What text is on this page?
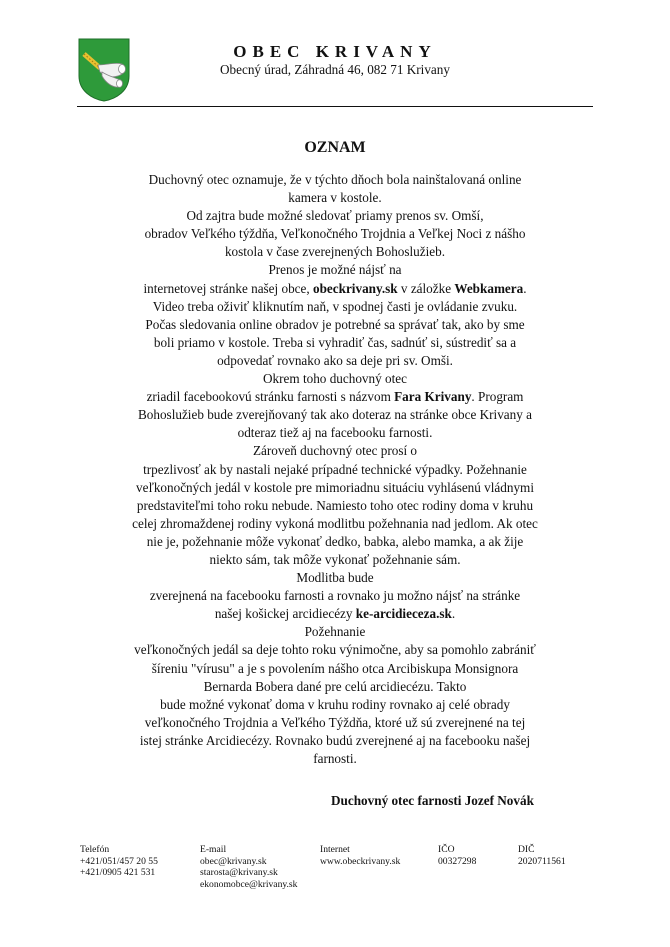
OBEC KRIVANY
Obecný úrad, Záhradná 46, 082 71 Krivany
OZNAM
Duchovný otec oznamuje, že v týchto dňoch bola nainštalovaná online
kamera v kostole.
Od zajtra bude možné sledovať priamy prenos sv. Omší,
obradov Veľkého týždňa, Veľkonočného Trojdnia a Veľkej Noci z nášho
kostola v čase zverejnených Bohoslužieb.
Prenos je možné nájsť na
internetovej stránke našej obce, obeckrivany.sk v záložke Webkamera.
Video treba oživiť kliknutím naň, v spodnej časti je ovládanie zvuku.
Počas sledovania online obradov je potrebné sa správať tak, ako by sme
boli priamo v kostole. Treba si vyhradiť čas, sadnúť si, sústrediť sa a
odpovedať rovnako ako sa deje pri sv. Omši.
Okrem toho duchovný otec
zriadil facebookovú stránku farnosti s názvom Fara Krivany. Program
Bohoslužieb bude zverejňovaný tak ako doteraz na stránke obce Krivany a
odteraz tiež aj na facebooku farnosti.
Zároveň duchovný otec prosí o
trpezlivosť ak by nastali nejaké prípadné technické výpadky. Požehnanie
veľkonočných jedál v kostole pre mimoriadnu situáciu vyhlásenú vládnymi
predstaviteľmi toho roku nebude. Namiesto toho otec rodiny doma v kruhu
celej zhromaždenej rodiny vykoná modlitbu požehnania nad jedlom. Ak otec
nie je, požehnanie môže vykonať dedko, babka, alebo mamka, a ak žije
niekto sám, tak môže vykonať požehnanie sám.
Modlitba bude
zverejnená na facebooku farnosti a rovnako ju možno nájsť na stránke
našej košickej arcidiecézy ke-arcidieceza.sk.
Požehnanie
veľkonočných jedál sa deje tohto roku výnimočne, aby sa pomohlo zabrániť
šíreniu "vírusu" a je s povolením nášho otca Arcibiskupa Monsignora
Bernarda Bobera dané pre celú arcidiecézu. Takto
bude možné vykonať doma v kruhu rodiny rovnako aj celé obrady
veľkonočného Trojdnia a Veľkého Týždňa, ktoré už sú zverejnené na tej
istej stránke Arcidiecézy. Rovnako budú zverejnené aj na facebooku našej
farnosti.
Duchovný otec farnosti Jozef Novák
Telefón
+421/051/457 20 55
+421/0905 421 531
E-mail
obec@krivany.sk
starosta@krivany.sk
ekonomobce@krivany.sk
Internet
www.obeckrivany.sk
IČO
00327298
DIČ
2020711561
